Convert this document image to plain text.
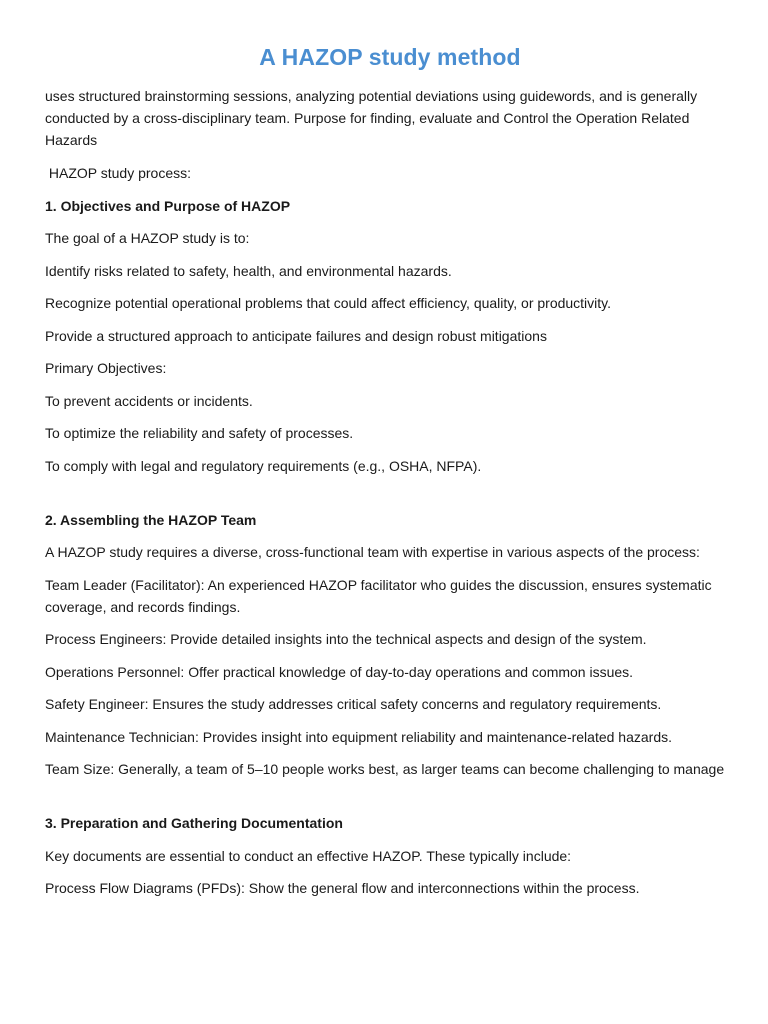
A HAZOP study method

uses structured brainstorming sessions, analyzing potential deviations using guidewords, and is generally conducted by a cross-disciplinary team. Purpose for finding, evaluate and Control the Operation Related Hazards

HAZOP study process:

1. Objectives and Purpose of HAZOP

The goal of a HAZOP study is to:

Identify risks related to safety, health, and environmental hazards.

Recognize potential operational problems that could affect efficiency, quality, or productivity.

Provide a structured approach to anticipate failures and design robust mitigations

Primary Objectives:

To prevent accidents or incidents.

To optimize the reliability and safety of processes.

To comply with legal and regulatory requirements (e.g., OSHA, NFPA).

2. Assembling the HAZOP Team

A HAZOP study requires a diverse, cross-functional team with expertise in various aspects of the process:

Team Leader (Facilitator): An experienced HAZOP facilitator who guides the discussion, ensures systematic coverage, and records findings.

Process Engineers: Provide detailed insights into the technical aspects and design of the system.

Operations Personnel: Offer practical knowledge of day-to-day operations and common issues.

Safety Engineer: Ensures the study addresses critical safety concerns and regulatory requirements.

Maintenance Technician: Provides insight into equipment reliability and maintenance-related hazards.

Team Size: Generally, a team of 5–10 people works best, as larger teams can become challenging to manage

3. Preparation and Gathering Documentation

Key documents are essential to conduct an effective HAZOP. These typically include:

Process Flow Diagrams (PFDs): Show the general flow and interconnections within the process.
